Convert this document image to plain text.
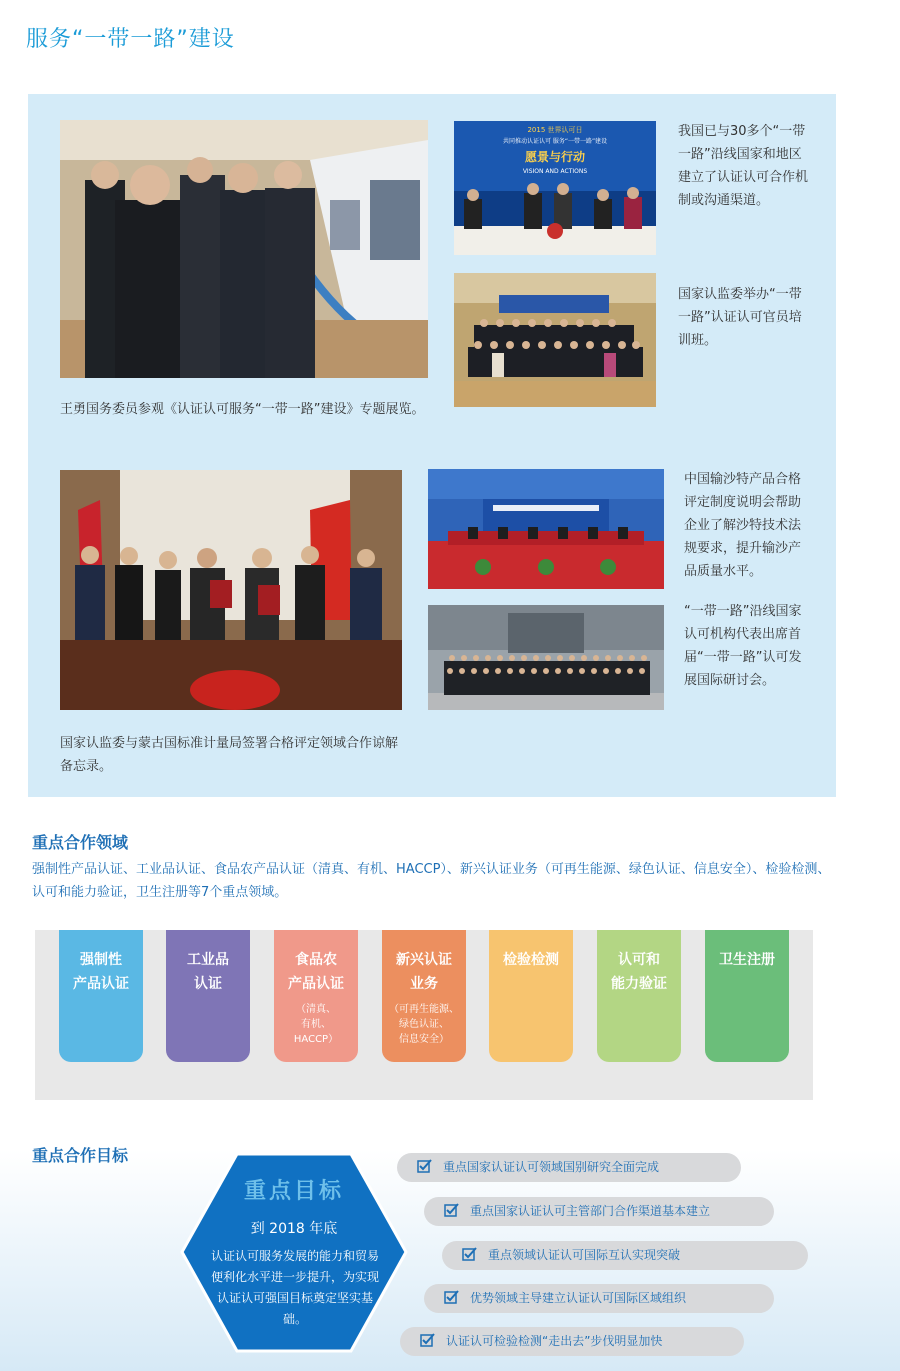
服务“一带一路”建设
王勇国务委员参观《认证认可服务“一带一路”建设》专题展览。
2015 世界认可日
共同推动认证认可 服务“一带一路”建设
愿景与行动
VISION AND ACTIONS
我国已与30多个“一带一路”沿线国家和地区建立了认证认可合作机制或沟通渠道。
国家认监委举办“一带一路”认证认可官员培训班。
国家认监委与蒙古国标准计量局签署合格评定领域合作谅解备忘录。
中国输沙特产品合格评定制度说明会帮助企业了解沙特技术法规要求，提升输沙产品质量水平。
“一带一路”沿线国家认可机构代表出席首届“一带一路”认可发展国际研讨会。
重点合作领域
强制性产品认证、工业品认证、食品农产品认证（清真、有机、HACCP）、新兴认证业务（可再生能源、绿色认证、信息安全）、检验检测、认可和能力验证，卫生注册等7个重点领域。
强制性
产品认证
工业品
认证
食品农
产品认证
（清真、
有机、
HACCP）
新兴认证
业务
（可再生能源、
绿色认证、
信息安全）
检验检测	认可和
能力验证
卫生注册
重点合作目标
重点目标
到 2018 年底
认证认可服务发展的能力和贸易便利化水平进一步提升，为实现认证认可强国目标奠定坚实基础。
重点国家认证认可领域国别研究全面完成
重点国家认证认可主管部门合作渠道基本建立
重点领域认证认可国际互认实现突破
优势领域主导建立认证认可国际区域组织
认证认可检验检测“走出去”步伐明显加快
